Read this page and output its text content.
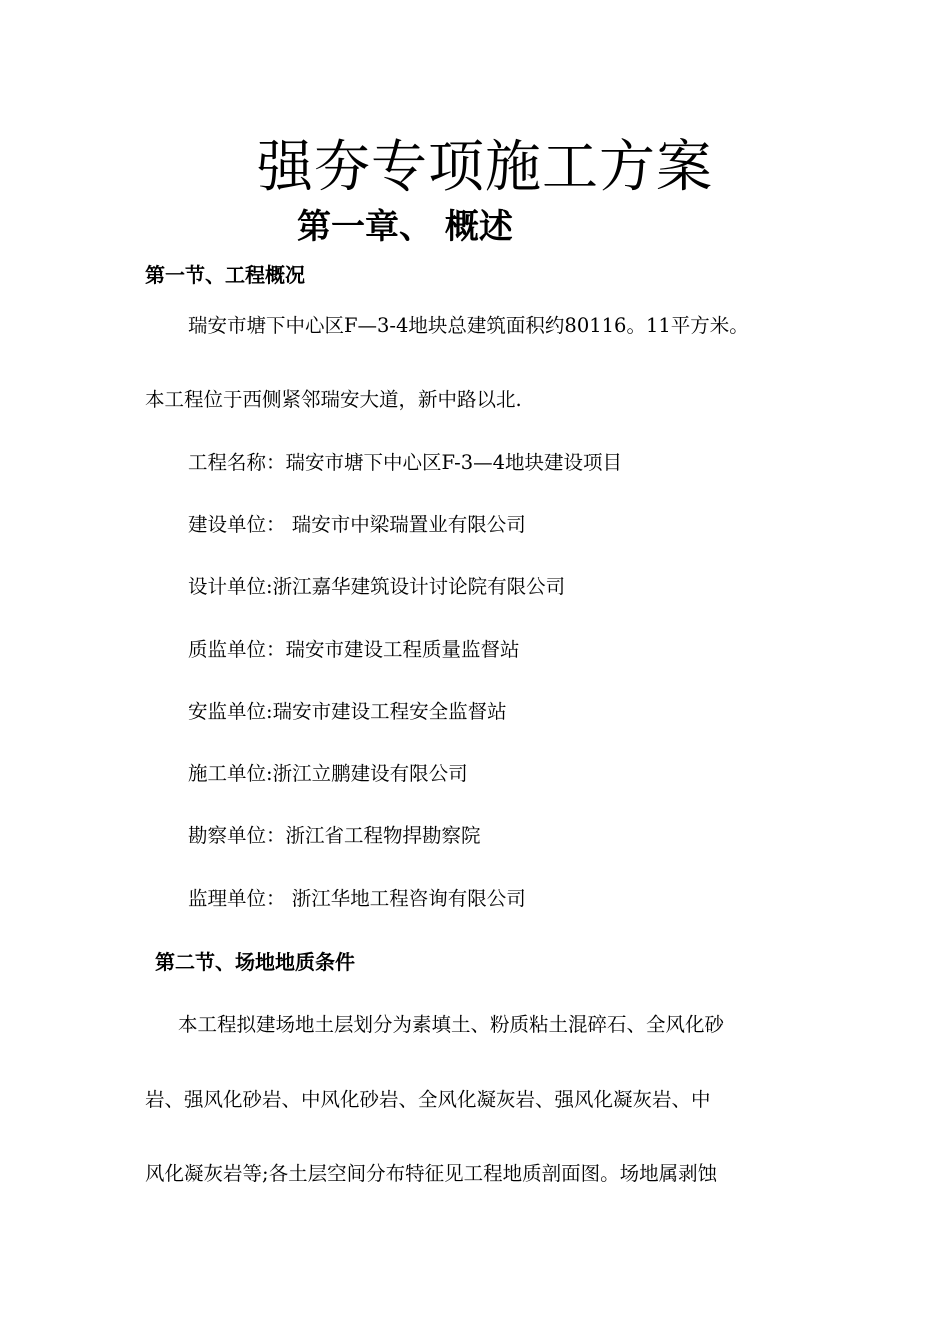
强夯专项施工方案
第一章、 概述
第一节、工程概况
瑞安市塘下中心区F—3-4地块总建筑面积约80116。11平方米。
本工程位于西侧紧邻瑞安大道，新中路以北.
工程名称：瑞安市塘下中心区F-3—4地块建设项目
建设单位： 瑞安市中梁瑞置业有限公司
设计单位:浙江嘉华建筑设计讨论院有限公司
质监单位：瑞安市建设工程质量监督站
安监单位:瑞安市建设工程安全监督站
施工单位:浙江立鹏建设有限公司
勘察单位：浙江省工程物捍勘察院
监理单位： 浙江华地工程咨询有限公司
第二节、场地地质条件
本工程拟建场地土层划分为素填土、粉质粘土混碎石、全风化砂
岩、强风化砂岩、中风化砂岩、全风化凝灰岩、强风化凝灰岩、中
风化凝灰岩等;各土层空间分布特征见工程地质剖面图。场地属剥蚀
